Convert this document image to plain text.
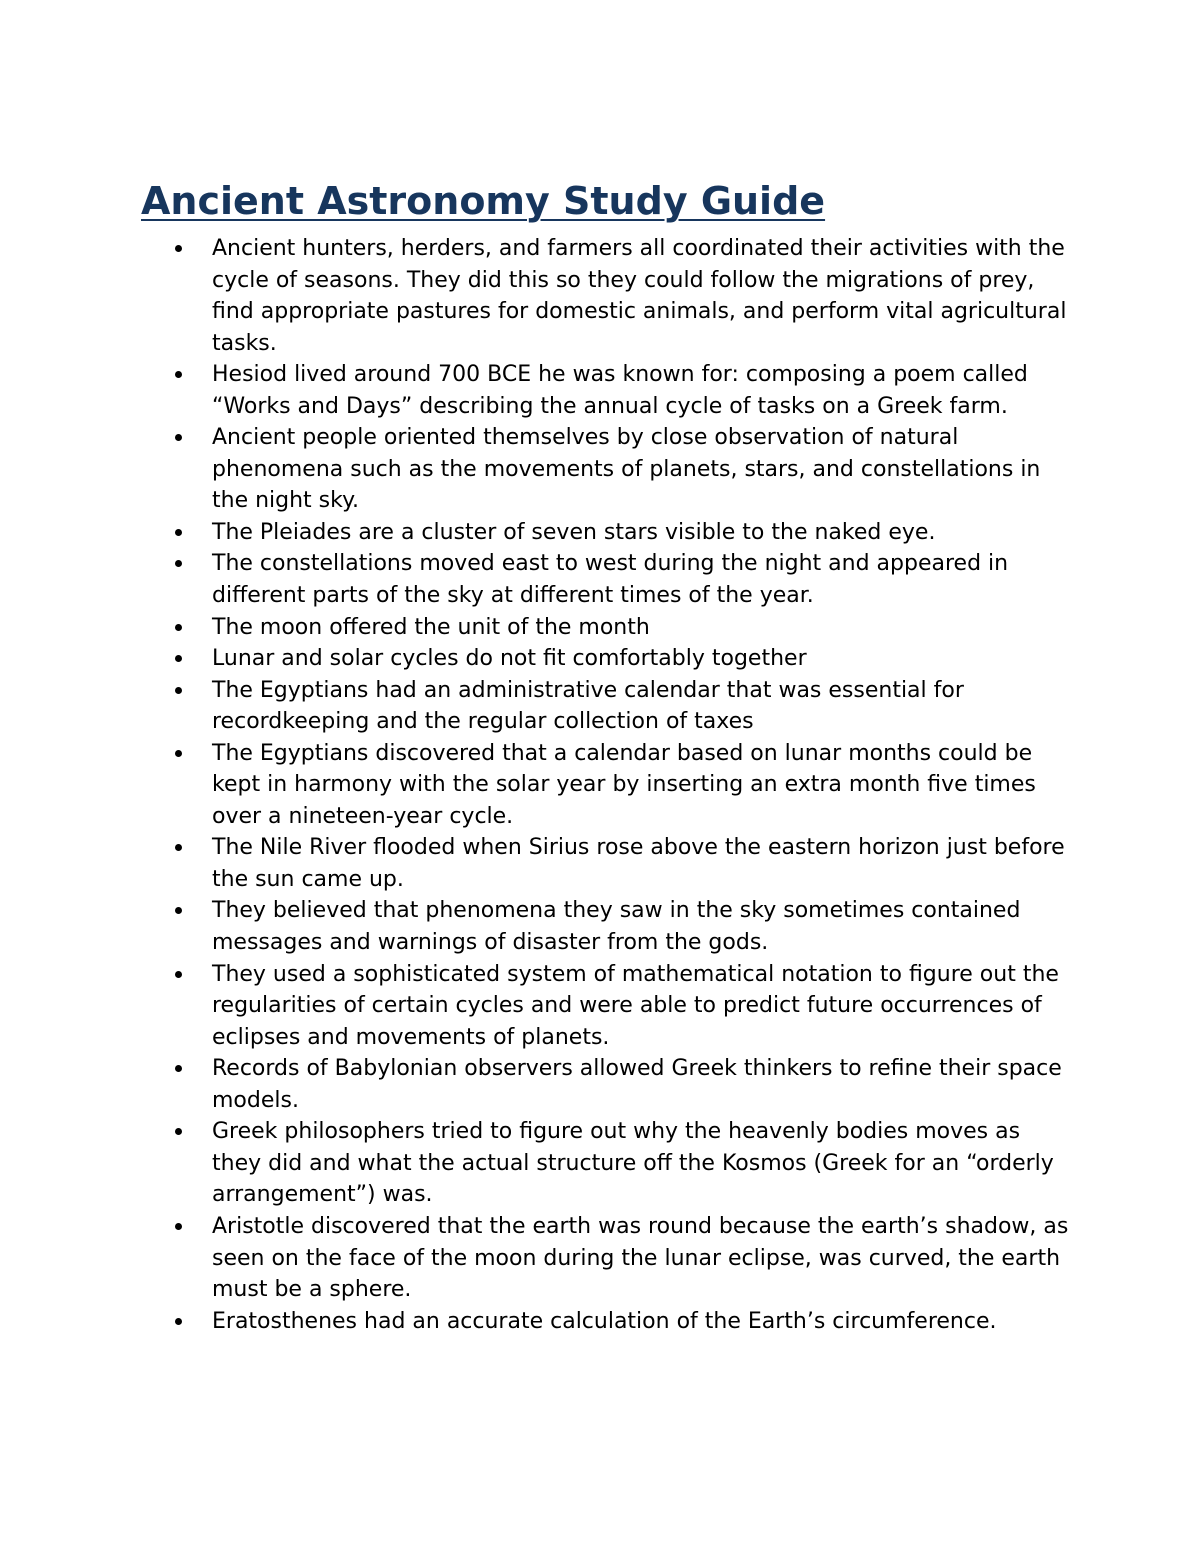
Ancient Astronomy Study Guide
Ancient hunters, herders, and farmers all coordinated their activities with the cycle of seasons. They did this so they could follow the migrations of prey, find appropriate pastures for domestic animals, and perform vital agricultural tasks.
Hesiod lived around 700 BCE he was known for: composing a poem called “Works and Days” describing the annual cycle of tasks on a Greek farm.
Ancient people oriented themselves by close observation of natural phenomena such as the movements of planets, stars, and constellations in the night sky.
The Pleiades are a cluster of seven stars visible to the naked eye.
The constellations moved east to west during the night and appeared in different parts of the sky at different times of the year.
The moon offered the unit of the month
Lunar and solar cycles do not fit comfortably together
The Egyptians had an administrative calendar that was essential for recordkeeping and the regular collection of taxes
The Egyptians discovered that a calendar based on lunar months could be kept in harmony with the solar year by inserting an extra month five times over a nineteen-year cycle.
The Nile River flooded when Sirius rose above the eastern horizon just before the sun came up.
They believed that phenomena they saw in the sky sometimes contained messages and warnings of disaster from the gods.
They used a sophisticated system of mathematical notation to figure out the regularities of certain cycles and were able to predict future occurrences of eclipses and movements of planets.
Records of Babylonian observers allowed Greek thinkers to refine their space models.
Greek philosophers tried to figure out why the heavenly bodies moves as they did and what the actual structure off the Kosmos (Greek for an “orderly arrangement”) was.
Aristotle discovered that the earth was round because the earth’s shadow, as seen on the face of the moon during the lunar eclipse, was curved, the earth must be a sphere.
Eratosthenes had an accurate calculation of the Earth’s circumference.
